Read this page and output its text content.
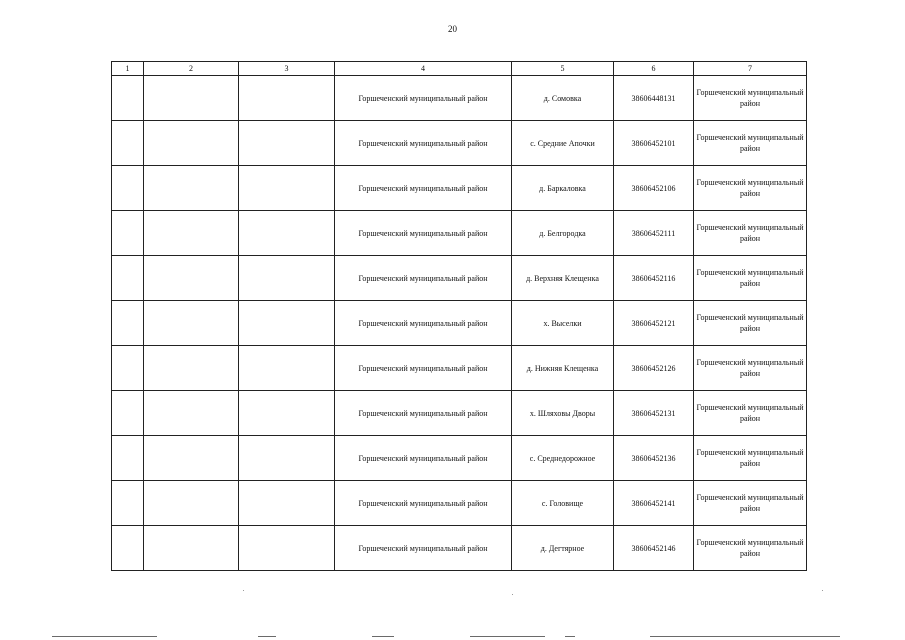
20
1	2	3	4	5	6	7
			Горшеченский муниципальный район	д. Сомовка	38606448131	Горшеченский муниципальный район
			Горшеченский муниципальный район	с. Средние Апочки	38606452101	Горшеченский муниципальный район
			Горшеченский муниципальный район	д. Баркаловка	38606452106	Горшеченский муниципальный район
			Горшеченский муниципальный район	д. Белгородка	38606452111	Горшеченский муниципальный район
			Горшеченский муниципальный район	д. Верхняя Клещенка	38606452116	Горшеченский муниципальный район
			Горшеченский муниципальный район	х. Выселки	38606452121	Горшеченский муниципальный район
			Горшеченский муниципальный район	д. Нижняя Клещенка	38606452126	Горшеченский муниципальный район
			Горшеченский муниципальный район	х. Шляховы Дворы	38606452131	Горшеченский муниципальный район
			Горшеченский муниципальный район	с. Среднедорожное	38606452136	Горшеченский муниципальный район
			Горшеченский муниципальный район	с. Головище	38606452141	Горшеченский муниципальный район
			Горшеченский муниципальный район	д. Дегтярное	38606452146	Горшеченский муниципальный район
